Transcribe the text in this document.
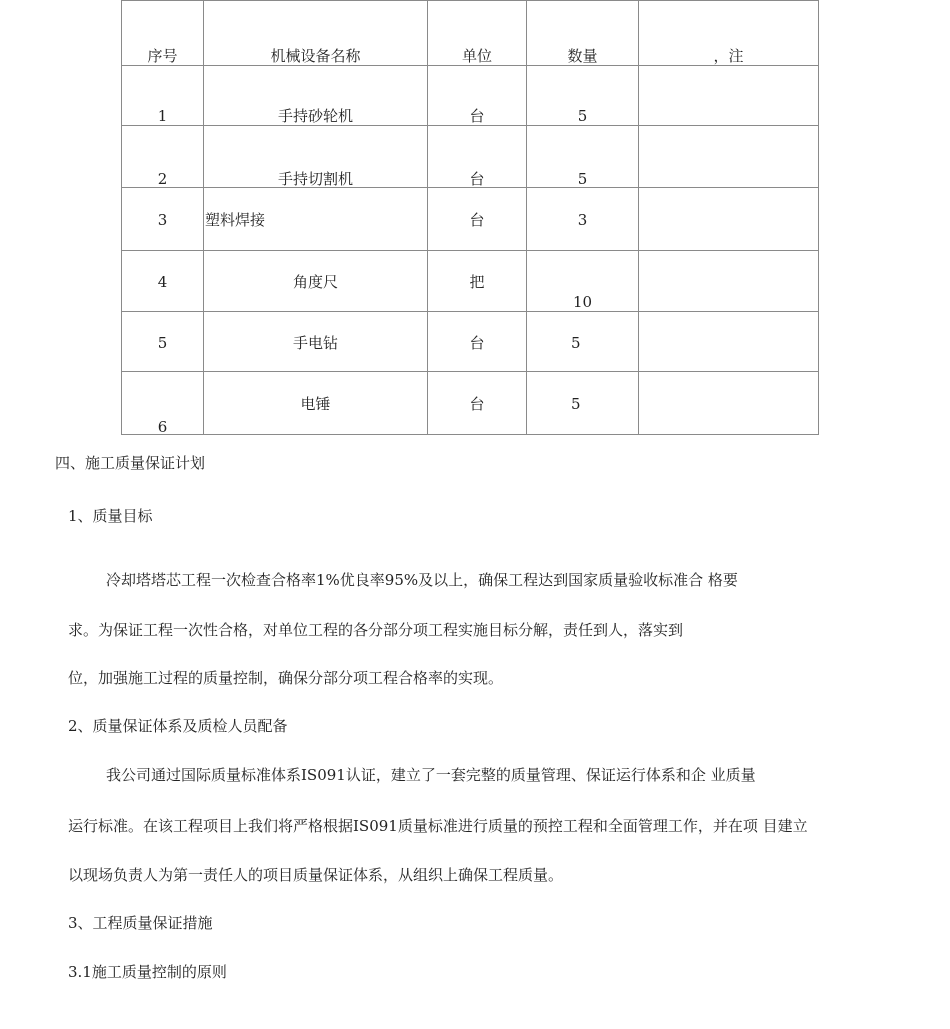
序号	机械设备名称	单位	数量	，注

1	手持砂轮机	台	5	

2	手持切割机	台	5	

3	塑料焊接	台	3	

4	角度尺	把	10	

5	手电钻	台	5	

6	电锤	台	5	

四、施工质量保证计划
1、质量目标
冷却塔塔芯工程一次检查合格率1%优良率95%及以上，确保工程达到国家质量验收标准合 格要
求。为保证工程一次性合格，对单位工程的各分部分项工程实施目标分解，责任到人，落实到
位，加强施工过程的质量控制，确保分部分项工程合格率的实现。
2、质量保证体系及质检人员配备
我公司通过国际质量标准体系IS091认证，建立了一套完整的质量管理、保证运行体系和企 业质量
运行标准。在该工程项目上我们将严格根据IS091质量标准进行质量的预控工程和全面管理工作，并在项 目建立
以现场负责人为第一责任人的项目质量保证体系，从组织上确保工程质量。
3、工程质量保证措施
3.1施工质量控制的原则
